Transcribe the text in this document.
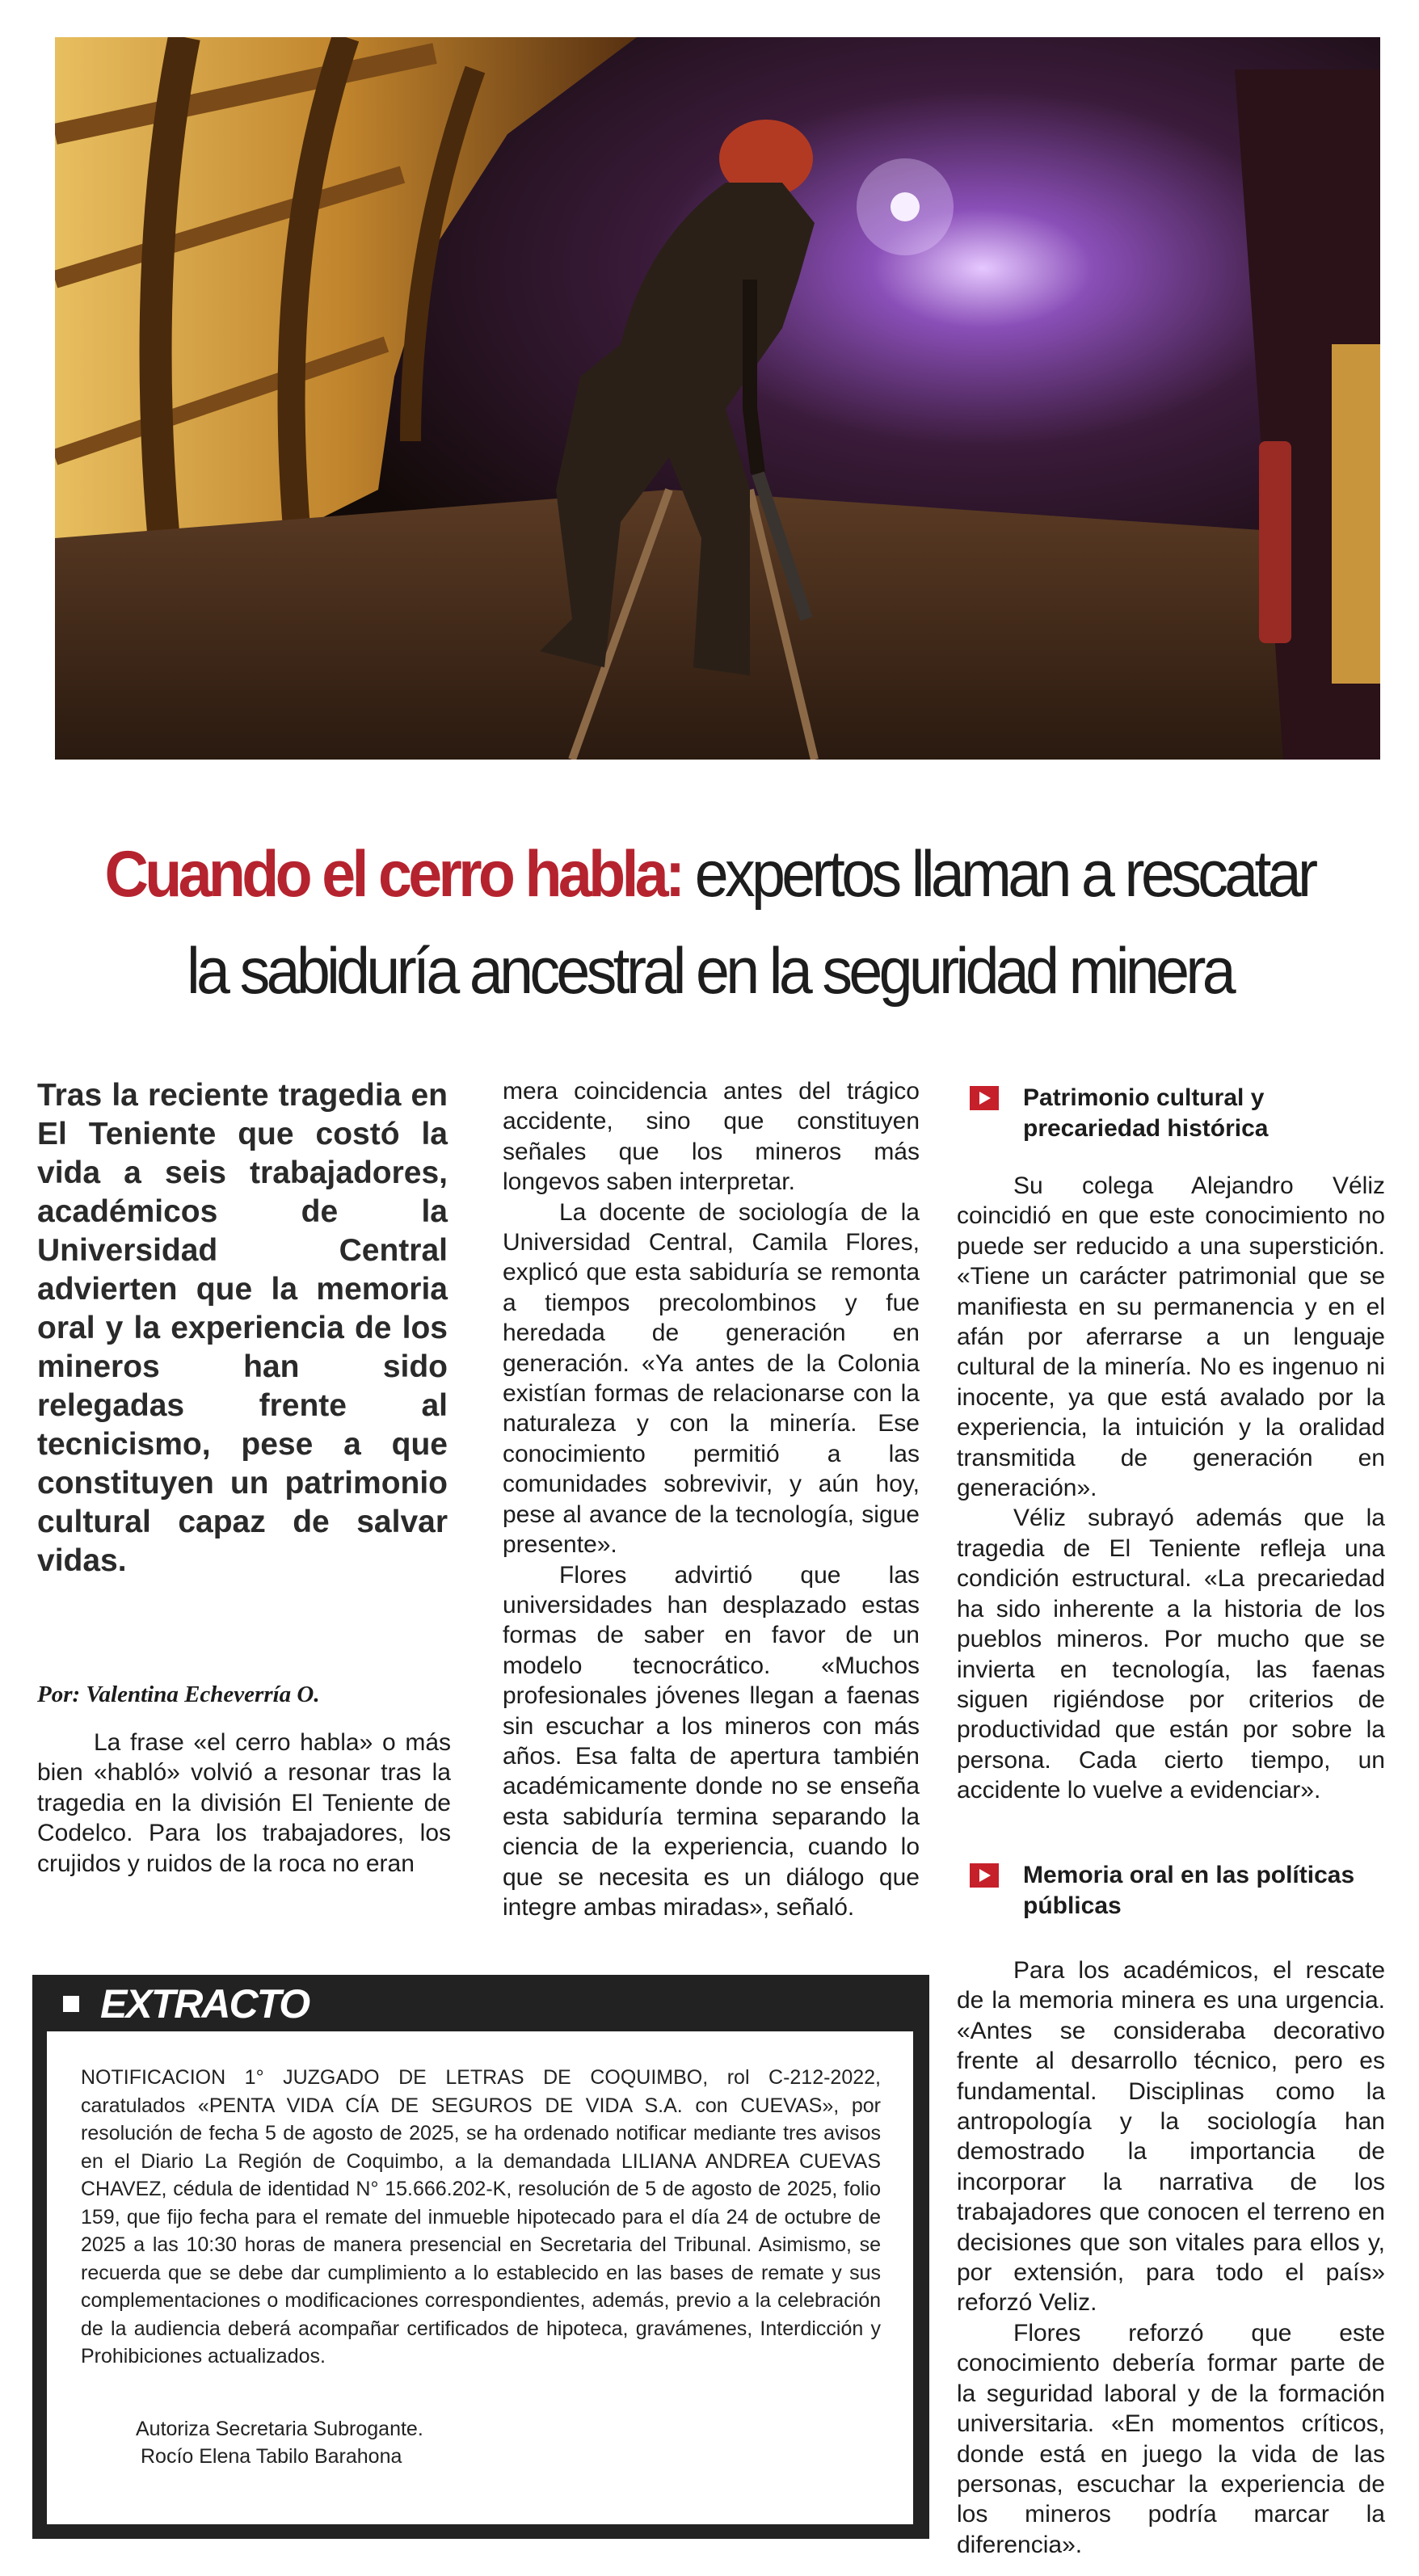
Cuando el cerro habla: expertos llaman a rescatar
la sabiduría ancestral en la seguridad minera
Tras la reciente tragedia en El Teniente que costó la vida a seis trabajadores, académicos de la Universidad Central advierten que la memoria oral y la experiencia de los mineros han sido relegadas frente al tecnicismo, pese a que constituyen un patrimonio cultural capaz de salvar vidas.
Por: Valentina Echeverría O.

La frase «el cerro habla» o más bien «habló» volvió a resonar tras la tragedia en la división El Teniente de Codelco. Para los trabajadores, los crujidos y ruidos de la roca no eran

mera coincidencia antes del trágico accidente, sino que constituyen señales que los mineros más longevos saben interpretar.

La docente de sociología de la Universidad Central, Camila Flores, explicó que esta sabiduría se remonta a tiempos precolombinos y fue heredada de generación en generación. «Ya antes de la Colonia existían formas de relacionarse con la naturaleza y con la minería. Ese conocimiento permitió a las comunidades sobrevivir, y aún hoy, pese al avance de la tecnología, sigue presente».

Flores advirtió que las universidades han desplazado estas formas de saber en favor de un modelo tecnocrático. «Muchos profesionales jóvenes llegan a faenas sin escuchar a los mineros con más años. Esa falta de apertura también académicamente donde no se enseña esta sabiduría termina separando la ciencia de la experiencia, cuando lo que se necesita es un diálogo que integre ambas miradas», señaló.

Patrimonio cultural y precariedad histórica

Su colega Alejandro Véliz coincidió en que este conocimiento no puede ser reducido a una superstición. «Tiene un carácter patrimonial que se manifiesta en su permanencia y en el afán por aferrarse a un lenguaje cultural de la minería. No es ingenuo ni inocente, ya que está avalado por la experiencia, la intuición y la oralidad transmitida de generación en generación».

Véliz subrayó además que la tragedia de El Teniente refleja una condición estructural. «La precariedad ha sido inherente a la historia de los pueblos mineros. Por mucho que se invierta en tecnología, las faenas siguen rigiéndose por criterios de productividad que están por sobre la persona. Cada cierto tiempo, un accidente lo vuelve a evidenciar».

Memoria oral en las políticas públicas

Para los académicos, el rescate de la memoria minera es una urgencia. «Antes se consideraba decorativo frente al desarrollo técnico, pero es fundamental. Disciplinas como la antropología y la sociología han demostrado la importancia de incorporar la narrativa de los trabajadores que conocen el terreno en decisiones que son vitales para ellos y, por extensión, para todo el país» reforzó Veliz.

Flores reforzó que este conocimiento debería formar parte de la seguridad laboral y de la formación universitaria. «En momentos críticos, donde está en juego la vida de las personas, escuchar la experiencia de los mineros podría marcar la diferencia».

EXTRACTO
NOTIFICACION 1° JUZGADO DE LETRAS DE COQUIMBO, rol C-212-2022, caratulados «PENTA VIDA CÍA DE SEGUROS DE VIDA S.A. con CUEVAS», por resolución de fecha 5 de agosto de 2025, se ha ordenado notificar mediante tres avisos en el Diario La Región de Coquimbo, a la demandada LILIANA ANDREA CUEVAS CHAVEZ, cédula de identidad N° 15.666.202-K, resolución de 5 de agosto de 2025, folio 159, que fijo fecha para el remate del inmueble hipotecado para el día 24 de octubre de 2025 a las 10:30 horas de manera presencial en Secretaria del Tribunal. Asimismo, se recuerda que se debe dar cumplimiento a lo establecido en las bases de remate y sus complementaciones o modificaciones correspondientes, además, previo a la celebración de la audiencia deberá acompañar certificados de hipoteca, gravámenes, Interdicción y Prohibiciones actualizados.
Autoriza Secretaria Subrogante.
Rocío Elena Tabilo Barahona
